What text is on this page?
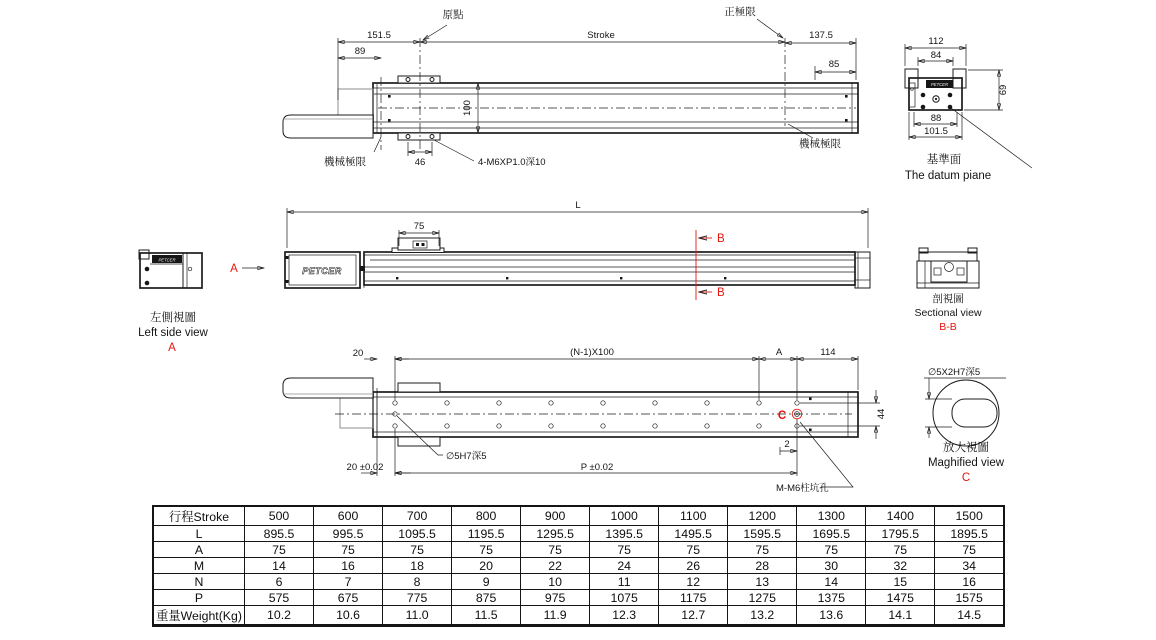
151.5
89
Stroke	137.5
85
100
46
原點	正極限
機械極限
機械極限
4-M6XP1.0深10
PETCER
112
84
69
88
101.5
基準面
The datum piane
L
PETCER
75
B
B
A
PETCER
左側視圖
Left side view
A
剖視圖
Sectional view
B-B
C
20	(N-1)X100	A	114
44
2
20 ±0.02	P ±0.02
∅5H7深5
M-M6柱坑孔
∅5X2H7深5
放大視圖
Maghified view
C
行程Stroke	500	600	700	800	900	1000	1100	1200	1300	1400	1500
L	895.5	995.5	1095.5	1195.5	1295.5	1395.5	1495.5	1595.5	1695.5	1795.5	1895.5
A	75	75	75	75	75	75	75	75	75	75	75
M	14	16	18	20	22	24	26	28	30	32	34
N	6	7	8	9	10	11	12	13	14	15	16
P	575	675	775	875	975	1075	1175	1275	1375	1475	1575
重量Weight(Kg)	10.2	10.6	11.0	11.5	11.9	12.3	12.7	13.2	13.6	14.1	14.5
